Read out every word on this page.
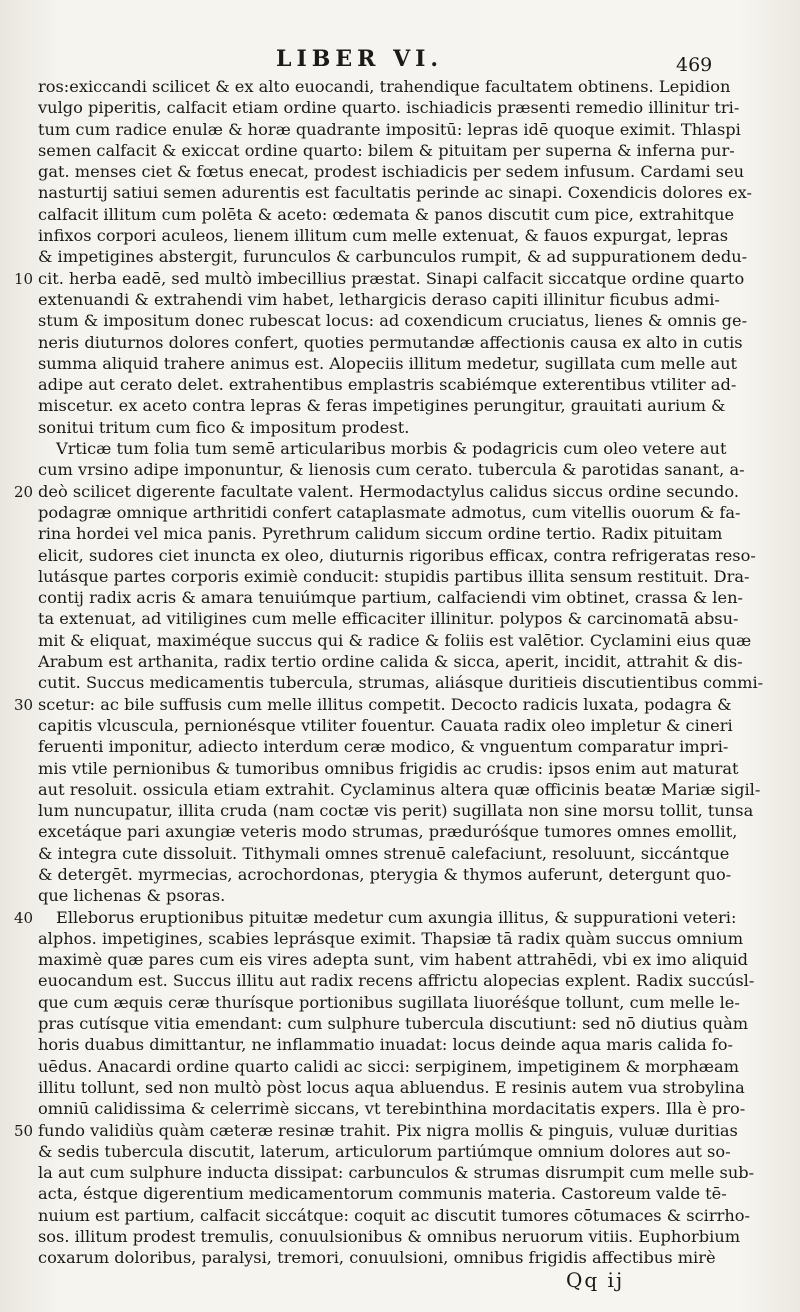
LIBER VI.	469
ros:exiccandi scilicet & ex alto euocandi, trahendique facultatem obtinens. Lepidion
vulgo piperitis, calfacit etiam ordine quarto. ischiadicis præsenti remedio illinitur tri-
tum cum radice enulæ & horæ quadrante impositū: lepras idē quoque eximit. Thlaspi
semen calfacit & exiccat ordine quarto: bilem & pituitam per superna & inferna pur-
gat. menses ciet & fœtus enecat, prodest ischiadicis per sedem infusum. Cardami seu
nasturtij satiui semen adurentis est facultatis perinde ac sinapi. Coxendicis dolores ex-
calfacit illitum cum polēta & aceto: œdemata & panos discutit cum pice, extrahitque
infixos corpori aculeos, lienem illitum cum melle extenuat, & fauos expurgat, lepras
& impetigines abstergit, furunculos & carbunculos rumpit, & ad suppurationem dedu-
cit. herba eadē, sed multò imbecillius præstat. Sinapi calfacit siccatque ordine quarto
extenuandi & extrahendi vim habet, lethargicis deraso capiti illinitur ficubus admi-
stum & impositum donec rubescat locus: ad coxendicum cruciatus, lienes & omnis ge-
neris diuturnos dolores confert, quoties permutandæ affectionis causa ex alto in cutis
summa aliquid trahere animus est. Alopeciis illitum medetur, sugillata cum melle aut
adipe aut cerato delet. extrahentibus emplastris scabiémque exterentibus vtiliter ad-
miscetur. ex aceto contra lepras & feras impetigines perungitur, grauitati aurium &
sonitui tritum cum fico & impositum prodest.
Vrticæ tum folia tum semē articularibus morbis & podagricis cum oleo vetere aut
cum vrsino adipe imponuntur, & lienosis cum cerato. tubercula & parotidas sanant, a-
deò scilicet digerente facultate valent. Hermodactylus calidus siccus ordine secundo.
podagræ omnique arthritidi confert cataplasmate admotus, cum vitellis ouorum & fa-
rina hordei vel mica panis. Pyrethrum calidum siccum ordine tertio. Radix pituitam
elicit, sudores ciet inuncta ex oleo, diuturnis rigoribus efficax, contra refrigeratas reso-
lutásque partes corporis eximiè conducit: stupidis partibus illita sensum restituit. Dra-
contij radix acris & amara tenuiúmque partium, calfaciendi vim obtinet, crassa & len-
ta extenuat, ad vitiligines cum melle efficaciter illinitur. polypos & carcinomatā absu-
mit & eliquat, maximéque succus qui & radice & foliis est valētior. Cyclamini eius quæ
Arabum est arthanita, radix tertio ordine calida & sicca, aperit, incidit, attrahit & dis-
cutit. Succus medicamentis tubercula, strumas, aliásque duritieis discutientibus commi-
scetur: ac bile suffusis cum melle illitus competit. Decocto radicis luxata, podagra &
capitis vlcuscula, pernionésque vtiliter fouentur. Cauata radix oleo impletur & cineri
feruenti imponitur, adiecto interdum ceræ modico, & vnguentum comparatur impri-
mis vtile pernionibus & tumoribus omnibus frigidis ac crudis: ipsos enim aut maturat
aut resoluit. ossicula etiam extrahit. Cyclaminus altera quæ officinis beatæ Mariæ sigil-
lum nuncupatur, illita cruda (nam coctæ vis perit) sugillata non sine morsu tollit, tunsa
excetáque pari axungiæ veteris modo strumas, præduróśque tumores omnes emollit,
& integra cute dissoluit. Tithymali omnes strenuē calefaciunt, resoluunt, siccántque
& detergēt. myrmecias, acrochordonas, pterygia & thymos auferunt, detergunt quo-
que lichenas & psoras.
Elleborus eruptionibus pituitæ medetur cum axungia illitus, & suppurationi veteri:
alphos. impetigines, scabies leprásque eximit. Thapsiæ tā radix quàm succus omnium
maximè quæ pares cum eis vires adepta sunt, vim habent attrahēdi, vbi ex imo aliquid
euocandum est. Succus illitu aut radix recens affrictu alopecias explent. Radix succúsl-
que cum æquis ceræ thurísque portionibus sugillata liuoréśque tollunt, cum melle le-
pras cutísque vitia emendant: cum sulphure tubercula discutiunt: sed nō diutius quàm
horis duabus dimittantur, ne inflammatio inuadat: locus deinde aqua maris calida fo-
uēdus. Anacardi ordine quarto calidi ac sicci: serpiginem, impetiginem & morphæam
illitu tollunt, sed non multò pòst locus aqua abluendus. E resinis autem vua strobylina
omniū calidissima & celerrimè siccans, vt terebinthina mordacitatis expers. Illa è pro-
fundo validiùs quàm cæteræ resinæ trahit. Pix nigra mollis & pinguis, vuluæ duritias
& sedis tubercula discutit, laterum, articulorum partiúmque omnium dolores aut so-
la aut cum sulphure inducta dissipat: carbunculos & strumas disrumpit cum melle sub-
acta, éstque digerentium medicamentorum communis materia. Castoreum valde tē-
nuium est partium, calfacit siccátque: coquit ac discutit tumores cōtumaces & scirrho-
sos. illitum prodest tremulis, conuulsionibus & omnibus neruorum vitiis. Euphorbium
coxarum doloribus, paralysi, tremori, conuulsioni, omnibus frigidis affectibus mirè
Qq ij
10
20
30
40
50
